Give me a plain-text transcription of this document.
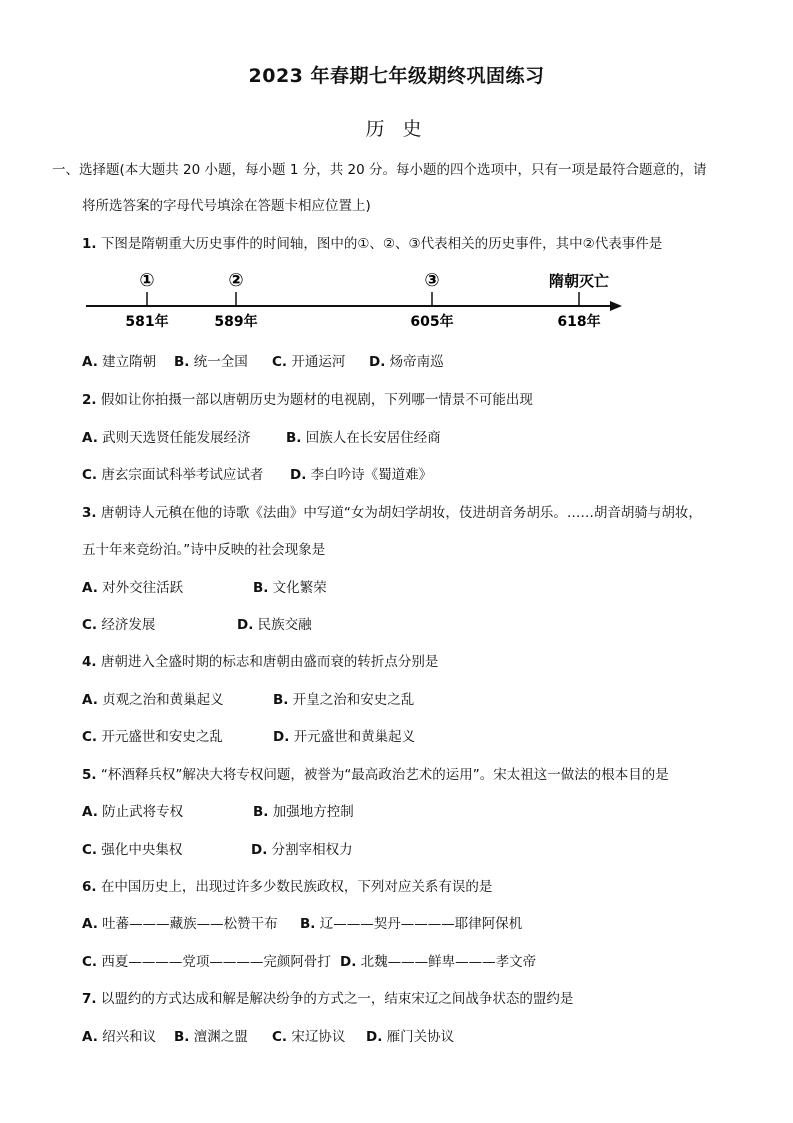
2023 年春期七年级期终巩固练习
历 史
一、选择题(本大题共 20 小题，每小题 1 分，共 20 分。每小题的四个选项中，只有一项是最符合题意的，请
将所选答案的字母代号填涂在答题卡相应位置上)
1. 下图是隋朝重大历史事件的时间轴，图中的①、②、③代表相关的历史事件，其中②代表事件是
①
581年
②
589年
③
605年
隋朝灭亡
618年
A. 建立隋朝 B. 统一全国 C. 开通运河 D. 炀帝南巡
2. 假如让你拍摄一部以唐朝历史为题材的电视剧，下列哪一情景不可能出现
A. 武则天选贤任能发展经济	B. 回族人在长安居住经商
C. 唐玄宗面试科举考试应试者 D. 李白吟诗《蜀道难》
3. 唐朝诗人元稹在他的诗歌《法曲》中写道“女为胡妇学胡妆，伎进胡音务胡乐。……胡音胡骑与胡妆，
五十年来竞纷泊。”诗中反映的社会现象是
A. 对外交往活跃	B. 文化繁荣
C. 经济发展	D. 民族交融
4. 唐朝进入全盛时期的标志和唐朝由盛而衰的转折点分别是
A. 贞观之治和黄巢起义	B. 开皇之治和安史之乱
C. 开元盛世和安史之乱	D. 开元盛世和黄巢起义
5. “杯酒释兵权”解决大将专权问题，被誉为“最高政治艺术的运用”。宋太祖这一做法的根本目的是
A. 防止武将专权	B. 加强地方控制
C. 强化中央集权	D. 分割宰相权力
6. 在中国历史上，出现过许多少数民族政权，下列对应关系有误的是
A. 吐蕃———藏族——松赞干布 B. 辽———契丹————耶律阿保机
C. 西夏————党项————完颜阿骨打 D. 北魏———鲜卑———孝文帝
7. 以盟约的方式达成和解是解决纷争的方式之一，结束宋辽之间战争状态的盟约是
A. 绍兴和议 B. 澶渊之盟 C. 宋辽协议 D. 雁门关协议
